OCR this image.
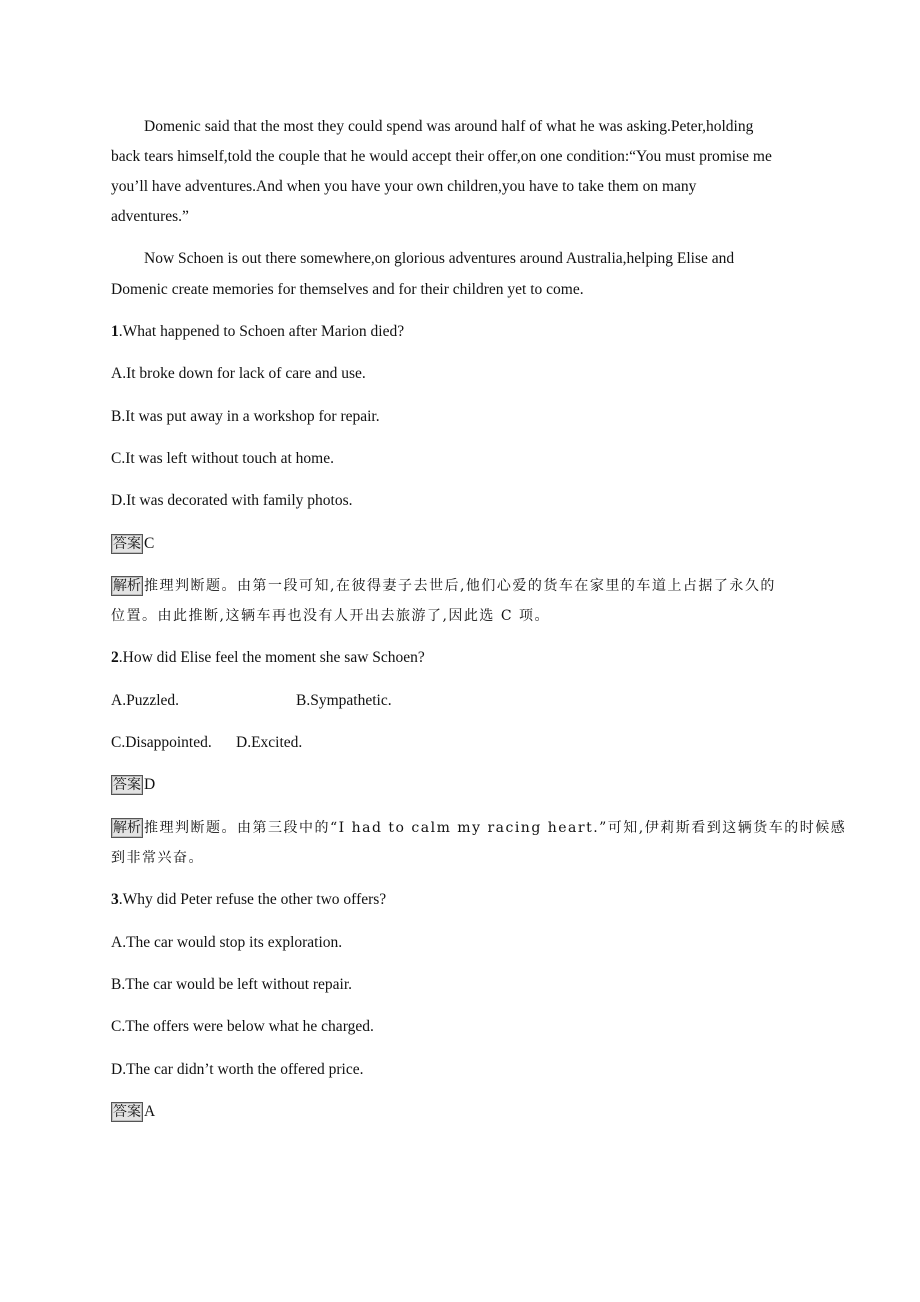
Domenic said that the most they could spend was around half of what he was asking.Peter,holding
back tears himself,told the couple that he would accept their offer,on one condition:“You must promise me
you’ll have adventures.And when you have your own children,you have to take them on many
adventures.”
Now Schoen is out there somewhere,on glorious adventures around Australia,helping Elise and
Domenic create memories for themselves and for their children yet to come.
1.What happened to Schoen after Marion died?
A.It broke down for lack of care and use.
B.It was put away in a workshop for repair.
C.It was left without touch at home.
D.It was decorated with family photos.
答案 C
解析 推理判断题。由第一段可知,在彼得妻子去世后,他们心爱的货车在家里的车道上占据了永久的
位置。由此推断,这辆车再也没有人开出去旅游了,因此选 C 项。
2.How did Elise feel the moment she saw Schoen?
A.Puzzled.	B.Sympathetic.
C.Disappointed. D.Excited.
答案 D
解析 推理判断题。由第三段中的“I had to calm my racing heart.”可知,伊莉斯看到这辆货车的时候感
到非常兴奋。
3.Why did Peter refuse the other two offers?
A.The car would stop its exploration.
B.The car would be left without repair.
C.The offers were below what he charged.
D.The car didn’t worth the offered price.
答案 A
